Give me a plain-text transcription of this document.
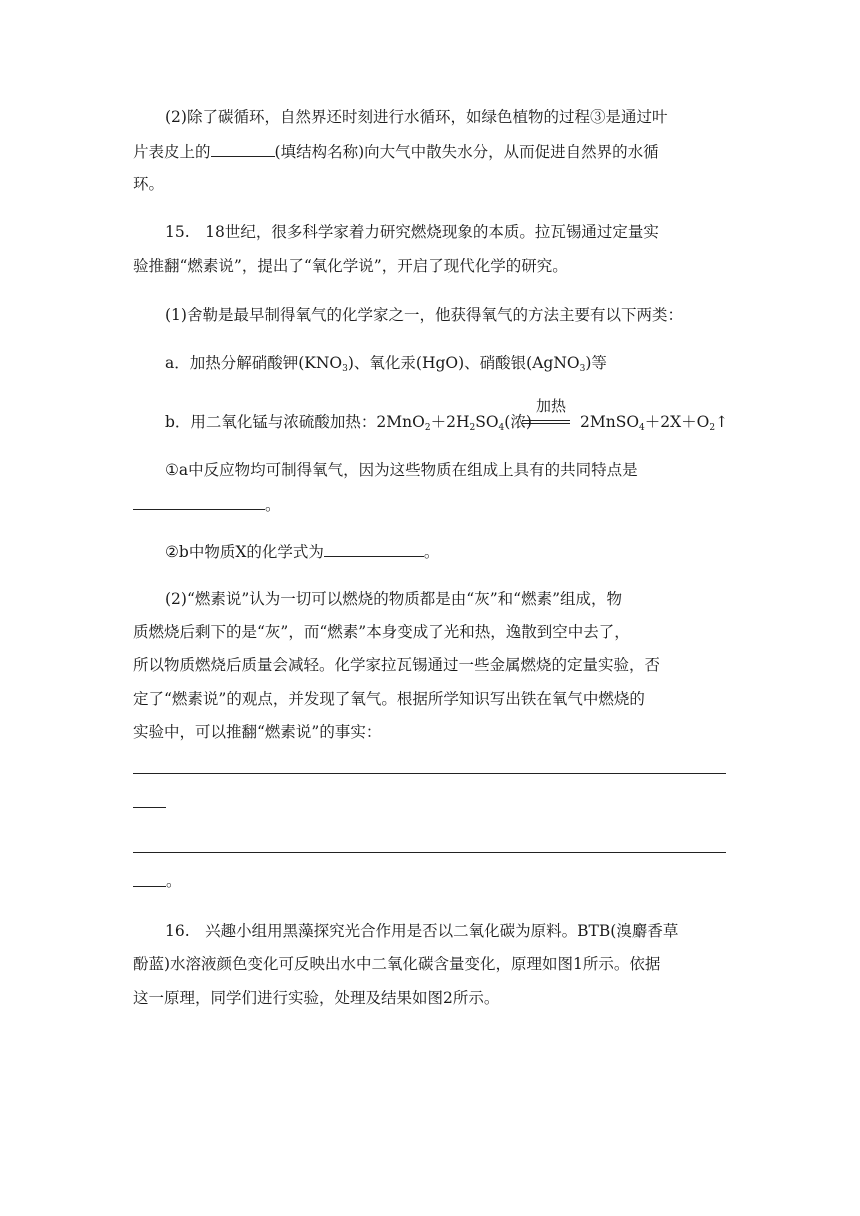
(2)除了碳循环，自然界还时刻进行水循环，如绿色植物的过程③是通过叶
片表皮上的	(填结构名称)向大气中散失水分，从而促进自然界的水循
环。
15.　18世纪，很多科学家着力研究燃烧现象的本质。拉瓦锡通过定量实
验推翻“燃素说”，提出了“氧化学说”，开启了现代化学的研究。
(1)舍勒是最早制得氧气的化学家之一，他获得氧气的方法主要有以下两类：
a．加热分解硝酸钾$(KNO_3)$、氧化汞(HgO)、硝酸银(AgNO$_3$)等
b．用二氧化锰与浓硫酸加热：$2MnO_2+2H_2SO_4$(浓)
加热
$2MnSO_4+2X+O_2↑$
①a中反应物均可制得氧气，因为这些物质在组成上具有的共同特点是
。
②b中物质X的化学式为	。
(2)“燃素说”认为一切可以燃烧的物质都是由“灰”和“燃素”组成，物
质燃烧后剩下的是“灰”，而“燃素”本身变成了光和热，逸散到空中去了，
所以物质燃烧后质量会减轻。化学家拉瓦锡通过一些金属燃烧的定量实验，否
定了“燃素说”的观点，并发现了氧气。根据所学知识写出铁在氧气中燃烧的
实验中，可以推翻“燃素说”的事实：
。
16.　兴趣小组用黑藻探究光合作用是否以二氧化碳为原料。BTB(溴麝香草
酚蓝)水溶液颜色变化可反映出水中二氧化碳含量变化，原理如图1所示。依据
这一原理，同学们进行实验，处理及结果如图2所示。
